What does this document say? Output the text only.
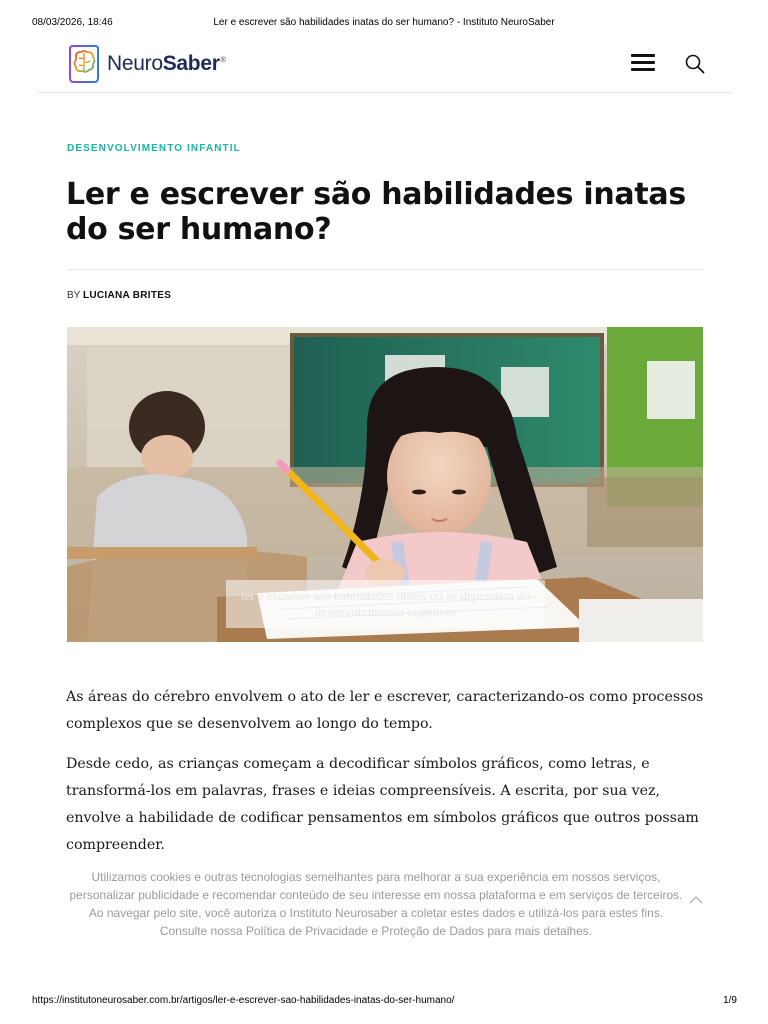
08/03/2026, 18:46	Ler e escrever são habilidades inatas do ser humano? - Instituto NeuroSaber
NeuroSaber®
DESENVOLVIMENTO INFANTIL
Ler e escrever são habilidades inatas do ser humano?
BY LUCIANA BRITES
ler e escrever são habilidades inatas ou se dependem do desenvolvimento cognitivo

As áreas do cérebro envolvem o ato de ler e escrever, caracterizando-os como processos complexos que se desenvolvem ao longo do tempo.

Desde cedo, as crianças começam a decodificar símbolos gráficos, como letras, e transformá-los em palavras, frases e ideias compreensíveis. A escrita, por sua vez, envolve a habilidade de codificar pensamentos em símbolos gráficos que outros possam compreender.

Utilizamos cookies e outras tecnologias semelhantes para melhorar a sua experiência em nossos serviços, personalizar publicidade e recomendar conteúdo de seu interesse em nossa plataforma e em serviços de terceiros. Ao navegar pelo site, você autoriza o Instituto Neurosaber a coletar estes dados e utilizá-los para estes fins. Consulte nossa Política de Privacidade e Proteção de Dados para mais detalhes.
https://institutoneurosaber.com.br/artigos/ler-e-escrever-sao-habilidades-inatas-do-ser-humano/	1/9
